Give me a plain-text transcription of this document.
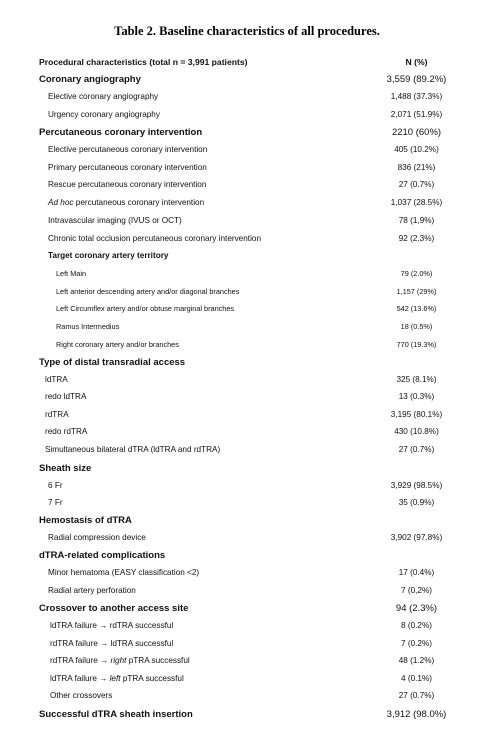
Table 2. Baseline characteristics of all procedures.
Procedural characteristics (total n = 3,991 patients)	N (%)
Coronary angiography	3,559 (89.2%)
Elective coronary angiography	1,488 (37.3%)
Urgency coronary angiography	2,071 (51.9%)
Percutaneous coronary intervention	2210 (60%)
Elective percutaneous coronary intervention	405 (10.2%)
Primary percutaneous coronary intervention	836 (21%)
Rescue percutaneous coronary intervention	27 (0.7%)
Ad hoc percutaneous coronary intervention	1,037 (28.5%)
Intravascular imaging (IVUS or OCT)	78 (1,9%)
Chronic total occlusion percutaneous coronary intervention	92 (2.3%)
Target coronary artery territory
Left Main	79 (2.0%)
Left anterior descending artery and/or diagonal branches	1,157 (29%)
Left Circumflex artery and/or obtuse marginal branches	542 (13.6%)
Ramus Intermedius	18 (0.5%)
Right coronary artery and/or branches	770 (19.3%)
Type of distal transradial access
ldTRA	325 (8.1%)
redo ldTRA	13 (0.3%)
rdTRA	3,195 (80.1%)
redo rdTRA	430 (10.8%)
Simultaneous bilateral dTRA (ldTRA and rdTRA)	27 (0.7%)
Sheath size
6 Fr	3,929 (98.5%)
7 Fr	35 (0.9%)
Hemostasis of dTRA
Radial compression device	3,902 (97.8%)
dTRA-related complications
Minor hematoma (EASY classification <2)	17 (0.4%)
Radial artery perforation	7 (0,2%)
Crossover to another access site	94 (2.3%)
ldTRA failure → rdTRA successful	8 (0.2%)
rdTRA failure → ldTRA successful	7 (0.2%)
rdTRA failure → right pTRA successful	48 (1.2%)
ldTRA failure → left pTRA successful	4 (0.1%)
Other crossovers	27 (0.7%)
Successful dTRA sheath insertion	3,912 (98.0%)
